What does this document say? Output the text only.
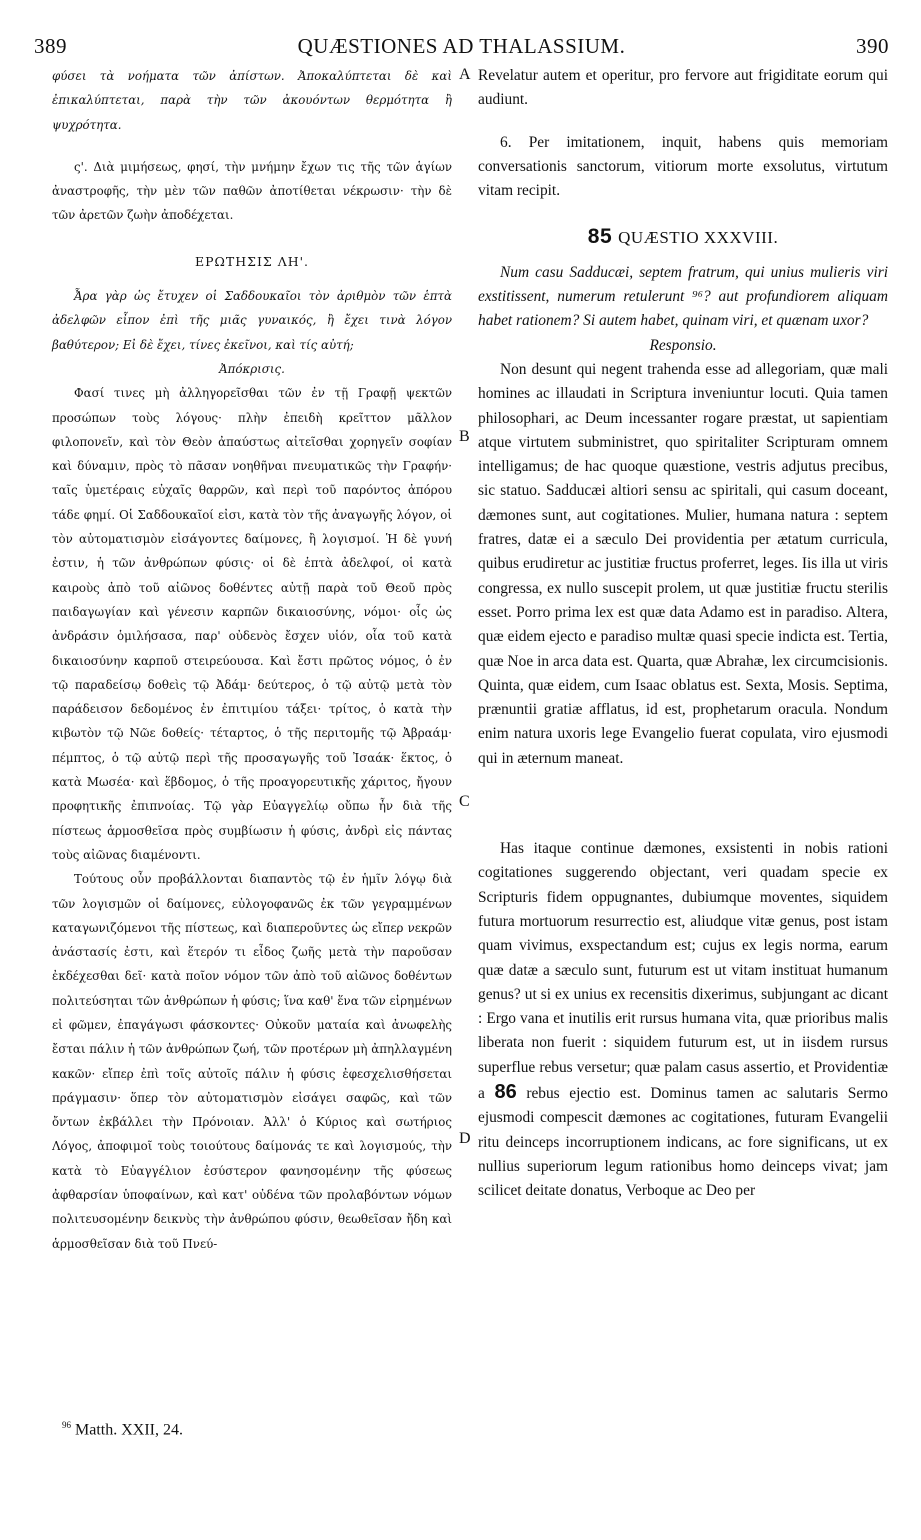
389	QUÆSTIONES AD THALASSIUM.	390

φύσει τὰ νοήματα τῶν ἀπίστων. Ἀποκαλύπτεται δὲ καὶ ἐπικαλύπτεται, παρὰ τὴν τῶν ἀκουόντων θερμότητα ἢ ψυχρότητα.

ς'. Διὰ μιμήσεως, φησί, τὴν μνήμην ἔχων τις τῆς τῶν ἁγίων ἀναστροφῆς, τὴν μὲν τῶν παθῶν ἀποτίθεται νέκρωσιν· τὴν δὲ τῶν ἀρετῶν ζωὴν ἀποδέχεται.

ΕΡΩΤΗΣΙΣ ΛΗ'.

Ἆρα γὰρ ὡς ἔτυχεν οἱ Σαδδουκαῖοι τὸν ἀριθμὸν τῶν ἑπτὰ ἀδελφῶν εἶπον ἐπὶ τῆς μιᾶς γυναικός, ἢ ἔχει τινὰ λόγον βαθύτερον; Εἰ δὲ ἔχει, τίνες ἐκεῖνοι, καὶ τίς αὐτή;

Ἀπόκρισις.

Φασί τινες μὴ ἀλληγορεῖσθαι τῶν ἐν τῇ Γραφῇ ψεκτῶν προσώπων τοὺς λόγους· πλὴν ἐπειδὴ κρεῖττον μᾶλλον φιλοπονεῖν, καὶ τὸν Θεὸν ἀπαύστως αἰτεῖσθαι χορηγεῖν σοφίαν καὶ δύναμιν, πρὸς τὸ πᾶσαν νοηθῆναι πνευματικῶς τὴν Γραφήν· ταῖς ὑμετέραις εὐχαῖς θαρρῶν, καὶ περὶ τοῦ παρόντος ἀπόρου τάδε φημί. Οἱ Σαδδουκαῖοί εἰσι, κατὰ τὸν τῆς ἀναγωγῆς λόγον, οἱ τὸν αὐτοματισμὸν εἰσάγοντες δαίμονες, ἢ λογισμοί. Ἡ δὲ γυνή ἐστιν, ἡ τῶν ἀνθρώπων φύσις· οἱ δὲ ἑπτὰ ἀδελφοί, οἱ κατὰ καιροὺς ἀπὸ τοῦ αἰῶνος δοθέντες αὐτῇ παρὰ τοῦ Θεοῦ πρὸς παιδαγωγίαν καὶ γένεσιν καρπῶν δικαιοσύνης, νόμοι· οἷς ὡς ἀνδράσιν ὁμιλήσασα, παρ' οὐδενὸς ἔσχεν υἱόν, οἷα τοῦ κατὰ δικαιοσύνην καρποῦ στειρεύουσα. Καὶ ἔστι πρῶτος νόμος, ὁ ἐν τῷ παραδείσῳ δοθεὶς τῷ Ἀδάμ· δεύτερος, ὁ τῷ αὐτῷ μετὰ τὸν παράδεισον δεδομένος ἐν ἐπιτιμίου τάξει· τρίτος, ὁ κατὰ τὴν κιβωτὸν τῷ Νῶε δοθείς· τέταρτος, ὁ τῆς περιτομῆς τῷ Ἀβραάμ· πέμπτος, ὁ τῷ αὐτῷ περὶ τῆς προσαγωγῆς τοῦ Ἰσαάκ· ἕκτος, ὁ κατὰ Μωσέα· καὶ ἕβδομος, ὁ τῆς προαγορευτικῆς χάριτος, ἤγουν προφητικῆς ἐπιπνοίας. Τῷ γὰρ Εὐαγγελίῳ οὔπω ἦν διὰ τῆς πίστεως ἁρμοσθεῖσα πρὸς συμβίωσιν ἡ φύσις, ἀνδρὶ εἰς πάντας τοὺς αἰῶνας διαμένοντι.

Τούτους οὖν προβάλλονται διαπαντὸς τῷ ἐν ἡμῖν λόγῳ διὰ τῶν λογισμῶν οἱ δαίμονες, εὐλογοφανῶς ἐκ τῶν γεγραμμένων καταγωνιζόμενοι τῆς πίστεως, καὶ διαπεροῦντες ὡς εἴπερ νεκρῶν ἀνάστασίς ἐστι, καὶ ἕτερόν τι εἶδος ζωῆς μετὰ τὴν παροῦσαν ἐκδέχεσθαι δεῖ· κατὰ ποῖον νόμον τῶν ἀπὸ τοῦ αἰῶνος δοθέντων πολιτεύσηται τῶν ἀνθρώπων ἡ φύσις; ἵνα καθ' ἕνα τῶν εἰρημένων εἰ φῶμεν, ἐπαγάγωσι φάσκοντες· Οὐκοῦν ματαία καὶ ἀνωφελὴς ἔσται πάλιν ἡ τῶν ἀνθρώπων ζωή, τῶν προτέρων μὴ ἀπηλλαγμένη κακῶν· εἴπερ ἐπὶ τοῖς αὐτοῖς πάλιν ἡ φύσις ἐφεσχελισθήσεται πράγμασιν· ὅπερ τὸν αὐτοματισμὸν εἰσάγει σαφῶς, καὶ τῶν ὄντων ἐκβάλλει τὴν Πρόνοιαν. Ἀλλ' ὁ Κύριος καὶ σωτήριος Λόγος, ἀποφιμοῖ τοὺς τοιούτους δαίμονάς τε καὶ λογισμούς, τὴν κατὰ τὸ Εὐαγγέλιον ἐσύστερον φανησομένην τῆς φύσεως ἀφθαρσίαν ὑποφαίνων, καὶ κατ' οὐδένα τῶν προλαβόντων νόμων πολιτευσομένην δεικνὺς τὴν ἀνθρώπου φύσιν, θεωθεῖσαν ἤδη καὶ ἁρμοσθεῖσαν διὰ τοῦ Πνεύ-

A
B
C
D

Revelatur autem et operitur, pro fervore aut frigiditate eorum qui audiunt.

6. Per imitationem, inquit, habens quis memoriam conversationis sanctorum, vitiorum morte exsolutus, virtutum vitam recipit.

85 QUÆSTIO XXXVIII.

Num casu Sadducæi, septem fratrum, qui unius mulieris viri exstitissent, numerum retulerunt ⁹⁶? aut profundiorem aliquam habet rationem? Si autem habet, quinam viri, et quænam uxor?

Responsio.

Non desunt qui negent trahenda esse ad allegoriam, quæ mali homines ac illaudati in Scriptura inveniuntur locuti. Quia tamen philosophari, ac Deum incessanter rogare præstat, ut sapientiam atque virtutem subministret, quo spiritaliter Scripturam omnem intelligamus; de hac quoque quæstione, vestris adjutus precibus, sic statuo. Sadducæi altiori sensu ac spiritali, qui casum doceant, dæmones sunt, aut cogitationes. Mulier, humana natura : septem fratres, datæ ei a sæculo Dei providentia per ætatum curricula, quibus erudiretur ac justitiæ fructus proferret, leges. Iis illa ut viris congressa, ex nullo suscepit prolem, ut quæ justitiæ fructu sterilis esset. Porro prima lex est quæ data Adamo est in paradiso. Altera, quæ eidem ejecto e paradiso multæ quasi specie indicta est. Tertia, quæ Noe in arca data est. Quarta, quæ Abrahæ, lex circumcisionis. Quinta, quæ eidem, cum Isaac oblatus est. Sexta, Mosis. Septima, prænuntii gratiæ afflatus, id est, prophetarum oracula. Nondum enim natura uxoris lege Evangelio fuerat copulata, viro ejusmodi qui in æternum maneat.

Has itaque continue dæmones, exsistenti in nobis rationi cogitationes suggerendo objectant, veri quadam specie ex Scripturis fidem oppugnantes, dubiumque moventes, siquidem futura mortuorum resurrectio est, aliudque vitæ genus, post istam quam vivimus, exspectandum est; cujus ex legis norma, earum quæ datæ a sæculo sunt, futurum est ut vitam instituat humanum genus? ut si ex unius ex recensitis dixerimus, subjungant ac dicant : Ergo vana et inutilis erit rursus humana vita, quæ prioribus malis liberata non fuerit : siquidem futurum est, ut in iisdem rursus superflue rebus versetur; quæ palam casus assertio, et Providentiæ a 86 rebus ejectio est. Dominus tamen ac salutaris Sermo ejusmodi compescit dæmones ac cogitationes, futuram Evangelii ritu deinceps incorruptionem indicans, ac fore significans, ut ex nullius superiorum legum rationibus homo deinceps vivat; jam scilicet deitate donatus, Verboque ac Deo per

$^{96}$ Matth. XXII, 24.
